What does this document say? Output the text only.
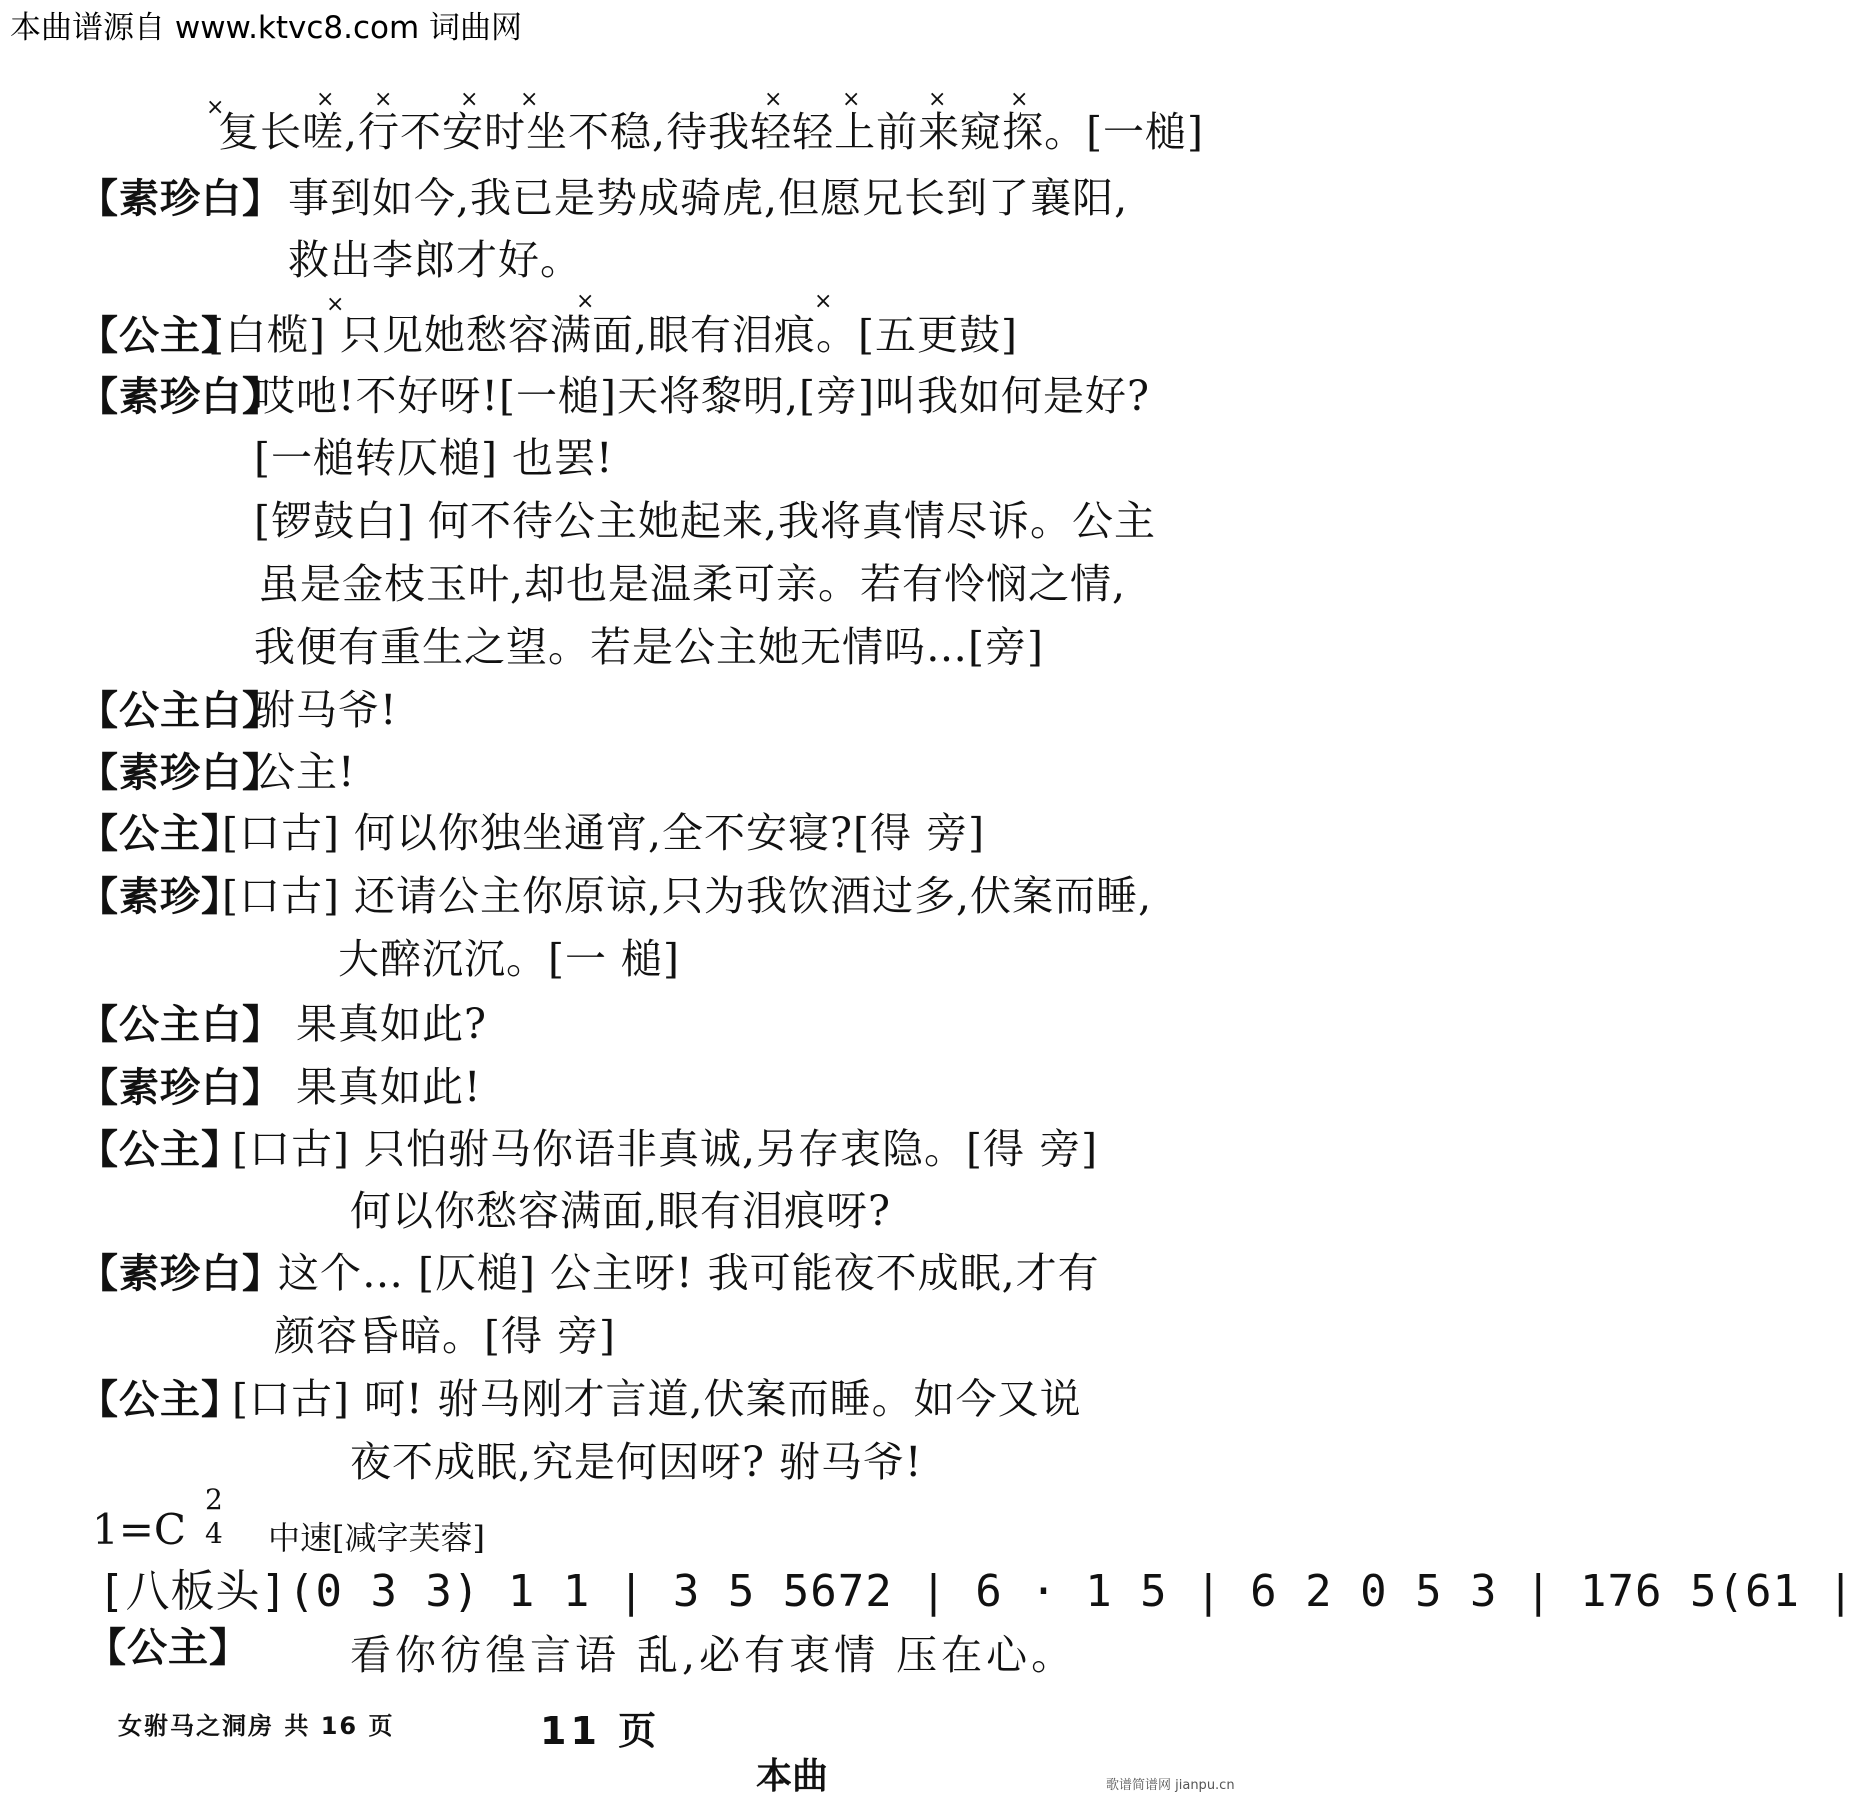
本曲谱源自 www.ktvc8.com 词曲网
×	× ×	× ×	×	×	×	×
×	×	×
复长嗟,行不安时坐不稳,待我轻轻上前来窥探。[一槌]
【素珍白】 事到如今,我已是势成骑虎,但愿兄长到了襄阳,
救出李郎才好。
【公主】
[白榄] 只见她愁容满面,眼有泪痕。[五更鼓]
【素珍白】
哎吔!不好呀![一槌]天将黎明,[旁]叫我如何是好?
[一槌转仄槌] 也罢!
[锣鼓白] 何不待公主她起来,我将真情尽诉。公主
虽是金枝玉叶,却也是温柔可亲。若有怜悯之情,
我便有重生之望。若是公主她无情吗…[旁]
【公主白】
驸马爷!
【素珍白】
公主!
【公主】
[口古] 何以你独坐通宵,全不安寝?[得 旁]
【素珍】
[口古] 还请公主你原谅,只为我饮酒过多,伏案而睡,
大醉沉沉。[一 槌]
【公主白】 果真如此?
【素珍白】 果真如此!
【公主】
[口古] 只怕驸马你语非真诚,另存衷隐。[得 旁]
何以你愁容满面,眼有泪痕呀?
【素珍白】
这个… [仄槌] 公主呀! 我可能夜不成眠,才有
颜容昏暗。[得 旁]
【公主】
[口古] 呵! 驸马刚才言道,伏案而睡。如今又说
夜不成眠,究是何因呀? 驸马爷!
1=C
2
4 中速[减字芙蓉]
[八板头](0 3 3) 1 1 | 3 5 5672 | 6 · 1 5 | 6 2 0 5 3 | 176 5(61 |
【公主】 看你彷徨言语 乱,必有衷情 压在心。
女驸马之洞房 共 16 页	11 页
本曲	歌谱简谱网 jianpu.cn
